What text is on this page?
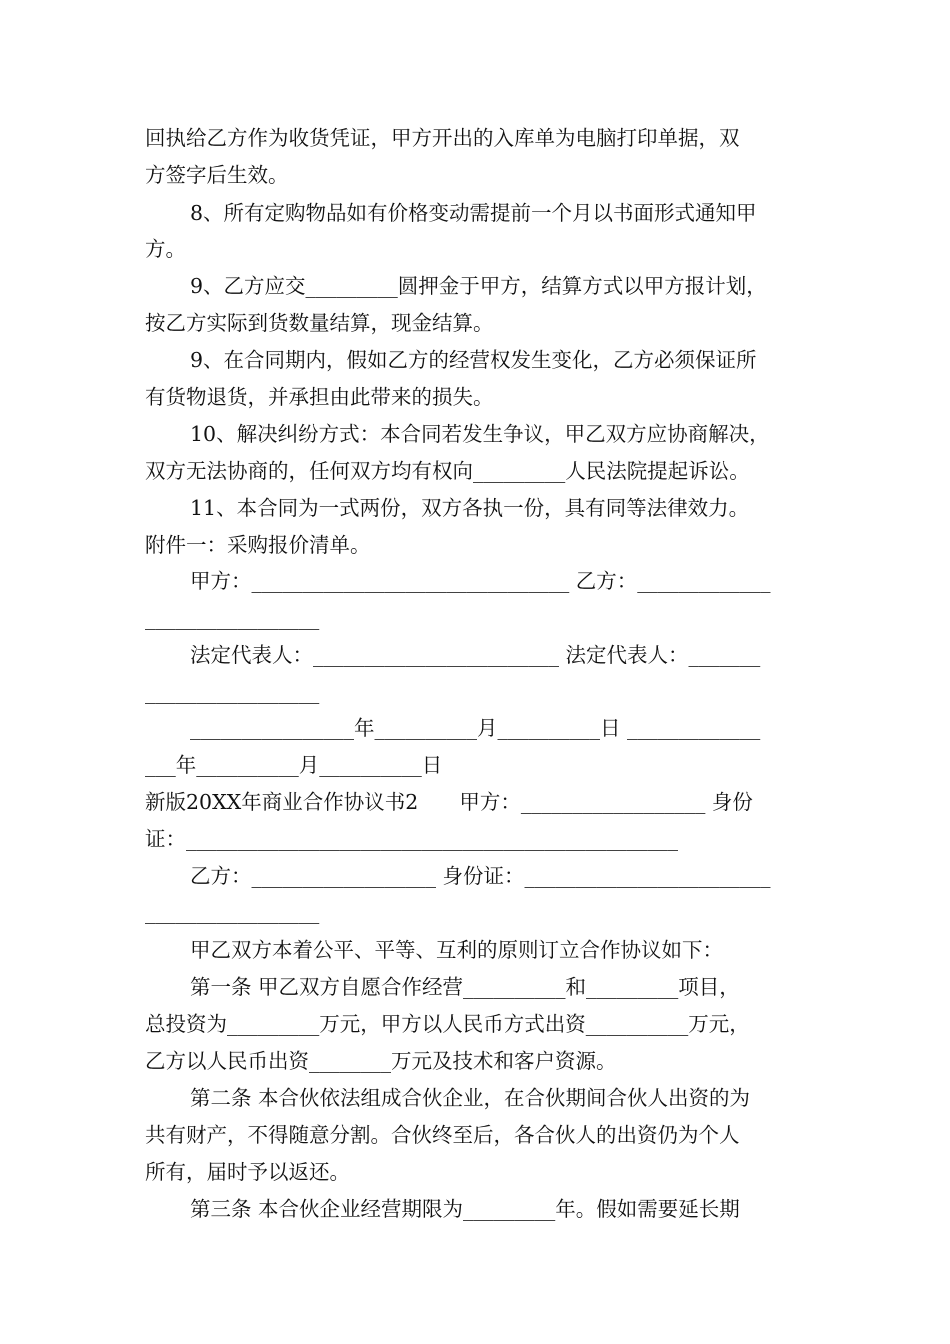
回执给乙方作为收货凭证，甲方开出的入库单为电脑打印单据，双
方签字后生效。
8、所有定购物品如有价格变动需提前一个月以书面形式通知甲
方。
9、乙方应交_________圆押金于甲方，结算方式以甲方报计划，
按乙方实际到货数量结算，现金结算。
9、在合同期内，假如乙方的经营权发生变化，乙方必须保证所
有货物退货，并承担由此带来的损失。
10、解决纠纷方式：本合同若发生争议，甲乙双方应协商解决，
双方无法协商的，任何双方均有权向_________人民法院提起诉讼。
11、本合同为一式两份，双方各执一份，具有同等法律效力。
附件一：采购报价清单。
甲方：_______________________________ 乙方：_____________
_________________
法定代表人：________________________ 法定代表人：_______
_________________
________________年__________月__________日 _____________
___年__________月__________日
新版20XX年商业合作协议书2　　甲方：__________________ 身份
证：________________________________________________
乙方：__________________ 身份证：________________________
_________________
甲乙双方本着公平、平等、互利的原则订立合作协议如下：
第一条 甲乙双方自愿合作经营__________和_________项目，
总投资为_________万元，甲方以人民币方式出资__________万元，
乙方以人民币出资________万元及技术和客户资源。
第二条 本合伙依法组成合伙企业，在合伙期间合伙人出资的为
共有财产，不得随意分割。合伙终至后，各合伙人的出资仍为个人
所有，届时予以返还。
第三条 本合伙企业经营期限为_________年。假如需要延长期
